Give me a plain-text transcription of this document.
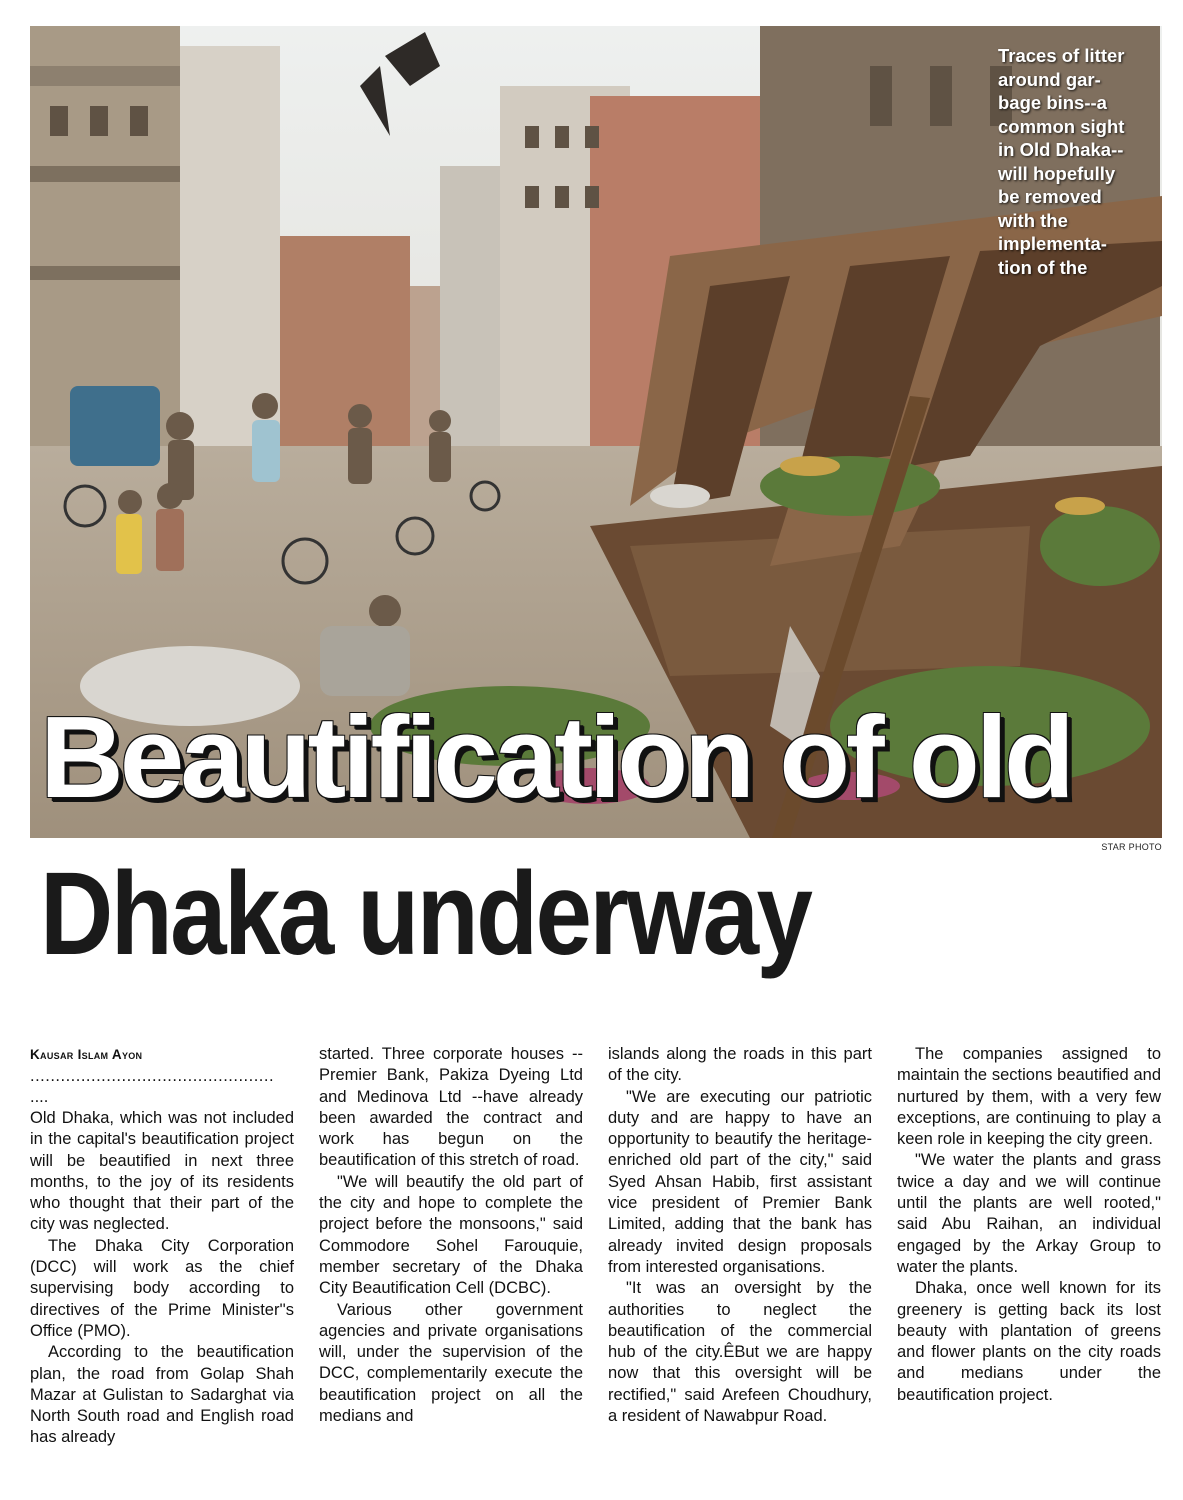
Traces of litter
around gar-
bage bins--a
common sight
in Old Dhaka--
will hopefully
be removed
with the
implementa-
tion of the
Beautification of old

STAR PHOTO

Dhaka underway

Kausar Islam Ayon

................................................

....

Old Dhaka, which was not included in the capital's beautification project will be beautified in next three months, to the joy of its residents who thought that their part of the city was neglected.

The Dhaka City Corporation (DCC) will work as the chief supervising body according to directives of the Prime Minister''s Office (PMO).

According to the beautification plan, the road from Golap Shah Mazar at Gulistan to Sadarghat via North South road and English road has already

started. Three corporate houses --Premier Bank, Pakiza Dyeing Ltd and Medinova Ltd --have already been awarded the contract and work has begun on the beautification of this stretch of road.

"We will beautify the old part of the city and hope to complete the project before the monsoons," said Commodore Sohel Farouquie, member secretary of the Dhaka City Beautification Cell (DCBC).

Various other government agencies and private organisations will, under the supervision of the DCC, complementarily execute the beautification project on all the medians and

islands along the roads in this part of the city.

"We are executing our patriotic duty and are happy to have an opportunity to beautify the heritage-enriched old part of the city," said Syed Ahsan Habib, first assistant vice president of Premier Bank Limited, adding that the bank has already invited design proposals from interested organisations.

"It was an oversight by the authorities to neglect the beautification of the commercial hub of the city.ÊBut we are happy now that this oversight will be rectified," said Arefeen Choudhury, a resident of Nawabpur Road.

The companies assigned to maintain the sections beautified and nurtured by them, with a very few exceptions, are continuing to play a keen role in keeping the city green.

"We water the plants and grass twice a day and we will continue until the plants are well rooted," said Abu Raihan, an individual engaged by the Arkay Group to water the plants.

Dhaka, once well known for its greenery is getting back its lost beauty with plantation of greens and flower plants on the city roads and medians under the beautification project.
